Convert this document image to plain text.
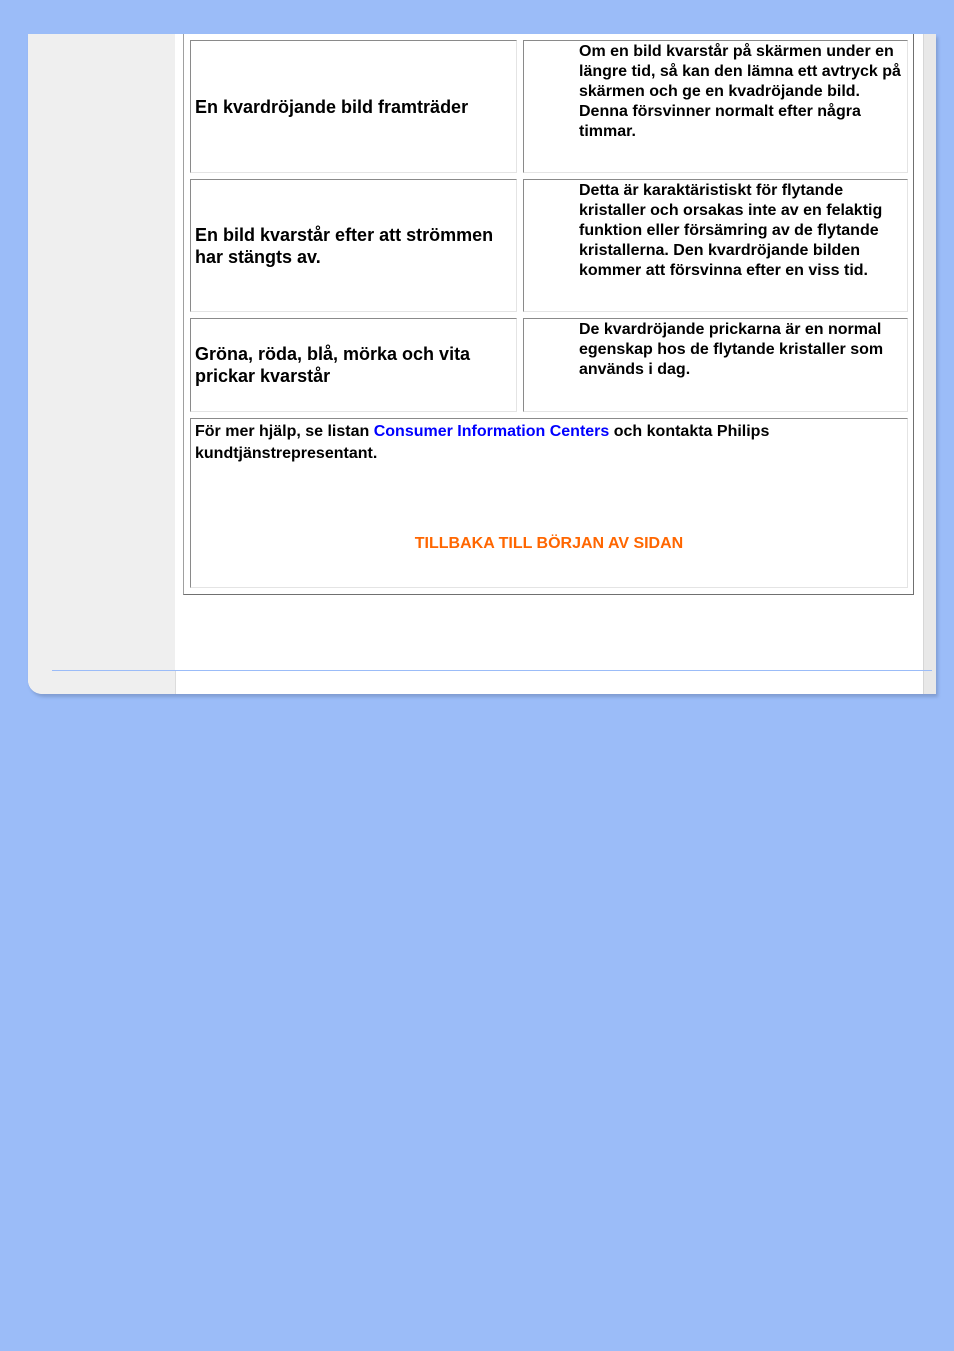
En kvardröjande bild framträder
Om en bild kvarstår på skärmen under en längre tid, så kan den lämna ett avtryck på skärmen och ge en kvadröjande bild. Denna försvinner normalt efter några timmar.
En bild kvarstår efter att strömmen har stängts av.
Detta är karaktäristiskt för flytande kristaller och orsakas inte av en felaktig funktion eller försämring av de flytande kristallerna. Den kvardröjande bilden kommer att försvinna efter en viss tid.
Gröna, röda, blå, mörka och vita prickar kvarstår
De kvardröjande prickarna är en normal egenskap hos de flytande kristaller som används i dag.
För mer hjälp, se listan Consumer Information Centers och kontakta Philips kundtjänstrepresentant.
TILLBAKA TILL BÖRJAN AV SIDAN
